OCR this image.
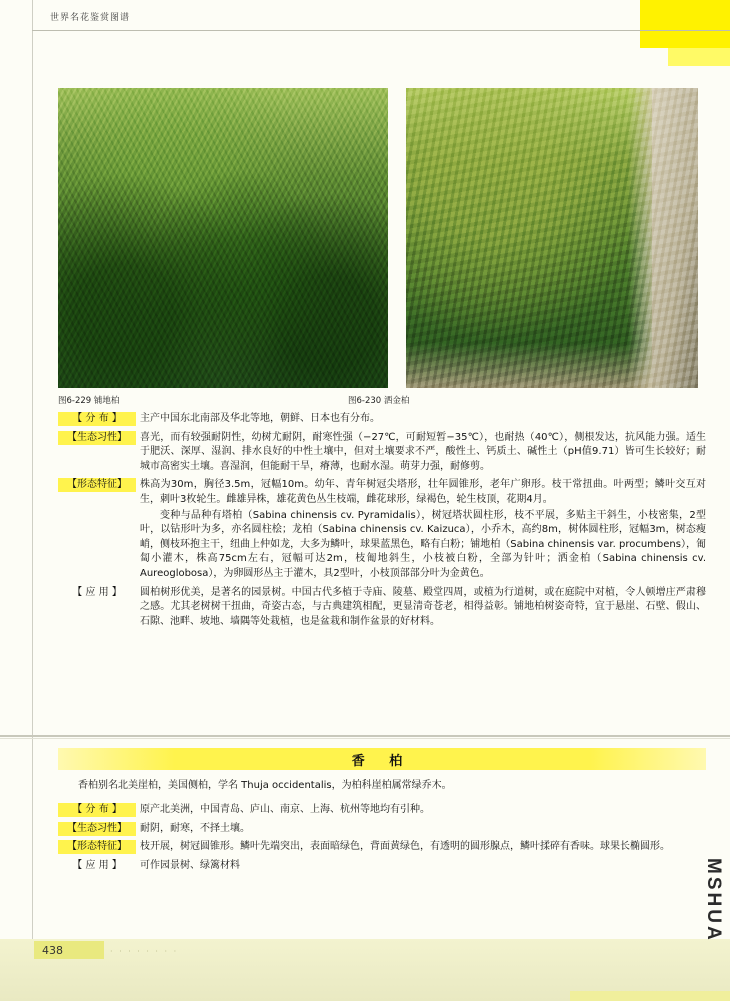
世界名花鉴赏图谱
图6-229 铺地柏	图6-230 洒金柏
【 分 布 】	主产中国东北南部及华北等地，朝鲜、日本也有分布。

【生态习性】	喜光，而有较强耐阴性，幼树尤耐阴，耐寒性强（−27℃，可耐短暂−35℃），也耐热（40℃），侧根发达，抗风能力强。适生于肥沃、深厚、湿润、排水良好的中性土壤中，但对土壤要求不严，酸性土、钙质土、碱性土（pH值9.71）皆可生长较好；耐城市高密实土壤。喜湿润，但能耐干旱，瘠薄，也耐水湿。萌芽力强，耐修剪。

【形态特征】	株高为30m，胸径3.5m，冠幅10m。幼年、青年树冠尖塔形，壮年圆锥形，老年广卵形。枝干常扭曲。叶两型；鳞叶交互对生，刺叶3枚轮生。雌雄异株，雄花黄色丛生枝端，雌花球形，绿褐色，轮生枝顶，花期4月。

变种与品种有塔柏（Sabina chinensis cv. Pyramidalis），树冠塔状圆柱形，枝不平展，多贴主干斜生，小枝密集，2型叶，以钻形叶为多，亦名圆柱桧；龙柏（Sabina chinensis cv. Kaizuca），小乔木，高约8m，树体圆柱形，冠幅3m，树态瘦峭，侧枝环抱主干，纽曲上仲如龙，大多为鳞叶，球果蓝黑色，略有白粉；铺地柏（Sabina chinensis var. procumbens），匍匐小灌木，株高75cm左右，冠幅可达2m，枝匍地斜生，小枝被白粉，全部为针叶；洒金柏（Sabina chinensis cv. Aureoglobosa），为卵圆形丛主于灌木，具2型叶，小枝顶部部分叶为金黄色。

【 应 用 】	圆柏树形优美，是著名的园景树。中国古代多植于寺庙、陵墓、殿堂四周，或植为行道树，或在庭院中对植，令人顿增庄严肃穆之感。尤其老树树干扭曲，奇姿古态，与古典建筑相配，更显清奇苍老，相得益彰。铺地柏树姿奇特，宜于悬崖、石壁、假山、石隙、池畔、坡地、墙隅等处栽植，也是盆栽和制作盆景的好材料。

香 柏
香柏别名北美崖柏，美国侧柏，学名 Thuja occidentalis，为柏科崖柏属常绿乔木。
【 分 布 】	原产北美洲，中国青岛、庐山、南京、上海、杭州等地均有引种。

【生态习性】	耐阴，耐寒，不择土壤。

【形态特征】	枝开展，树冠圆锥形。鳞叶先端突出，表面暗绿色，背面黄绿色，有透明的圆形腺点，鳞叶揉碎有香味。球果长椭圆形。

【 应 用 】	可作园景树、绿篱材料

438	· · · · · · · ·
MSHUA
